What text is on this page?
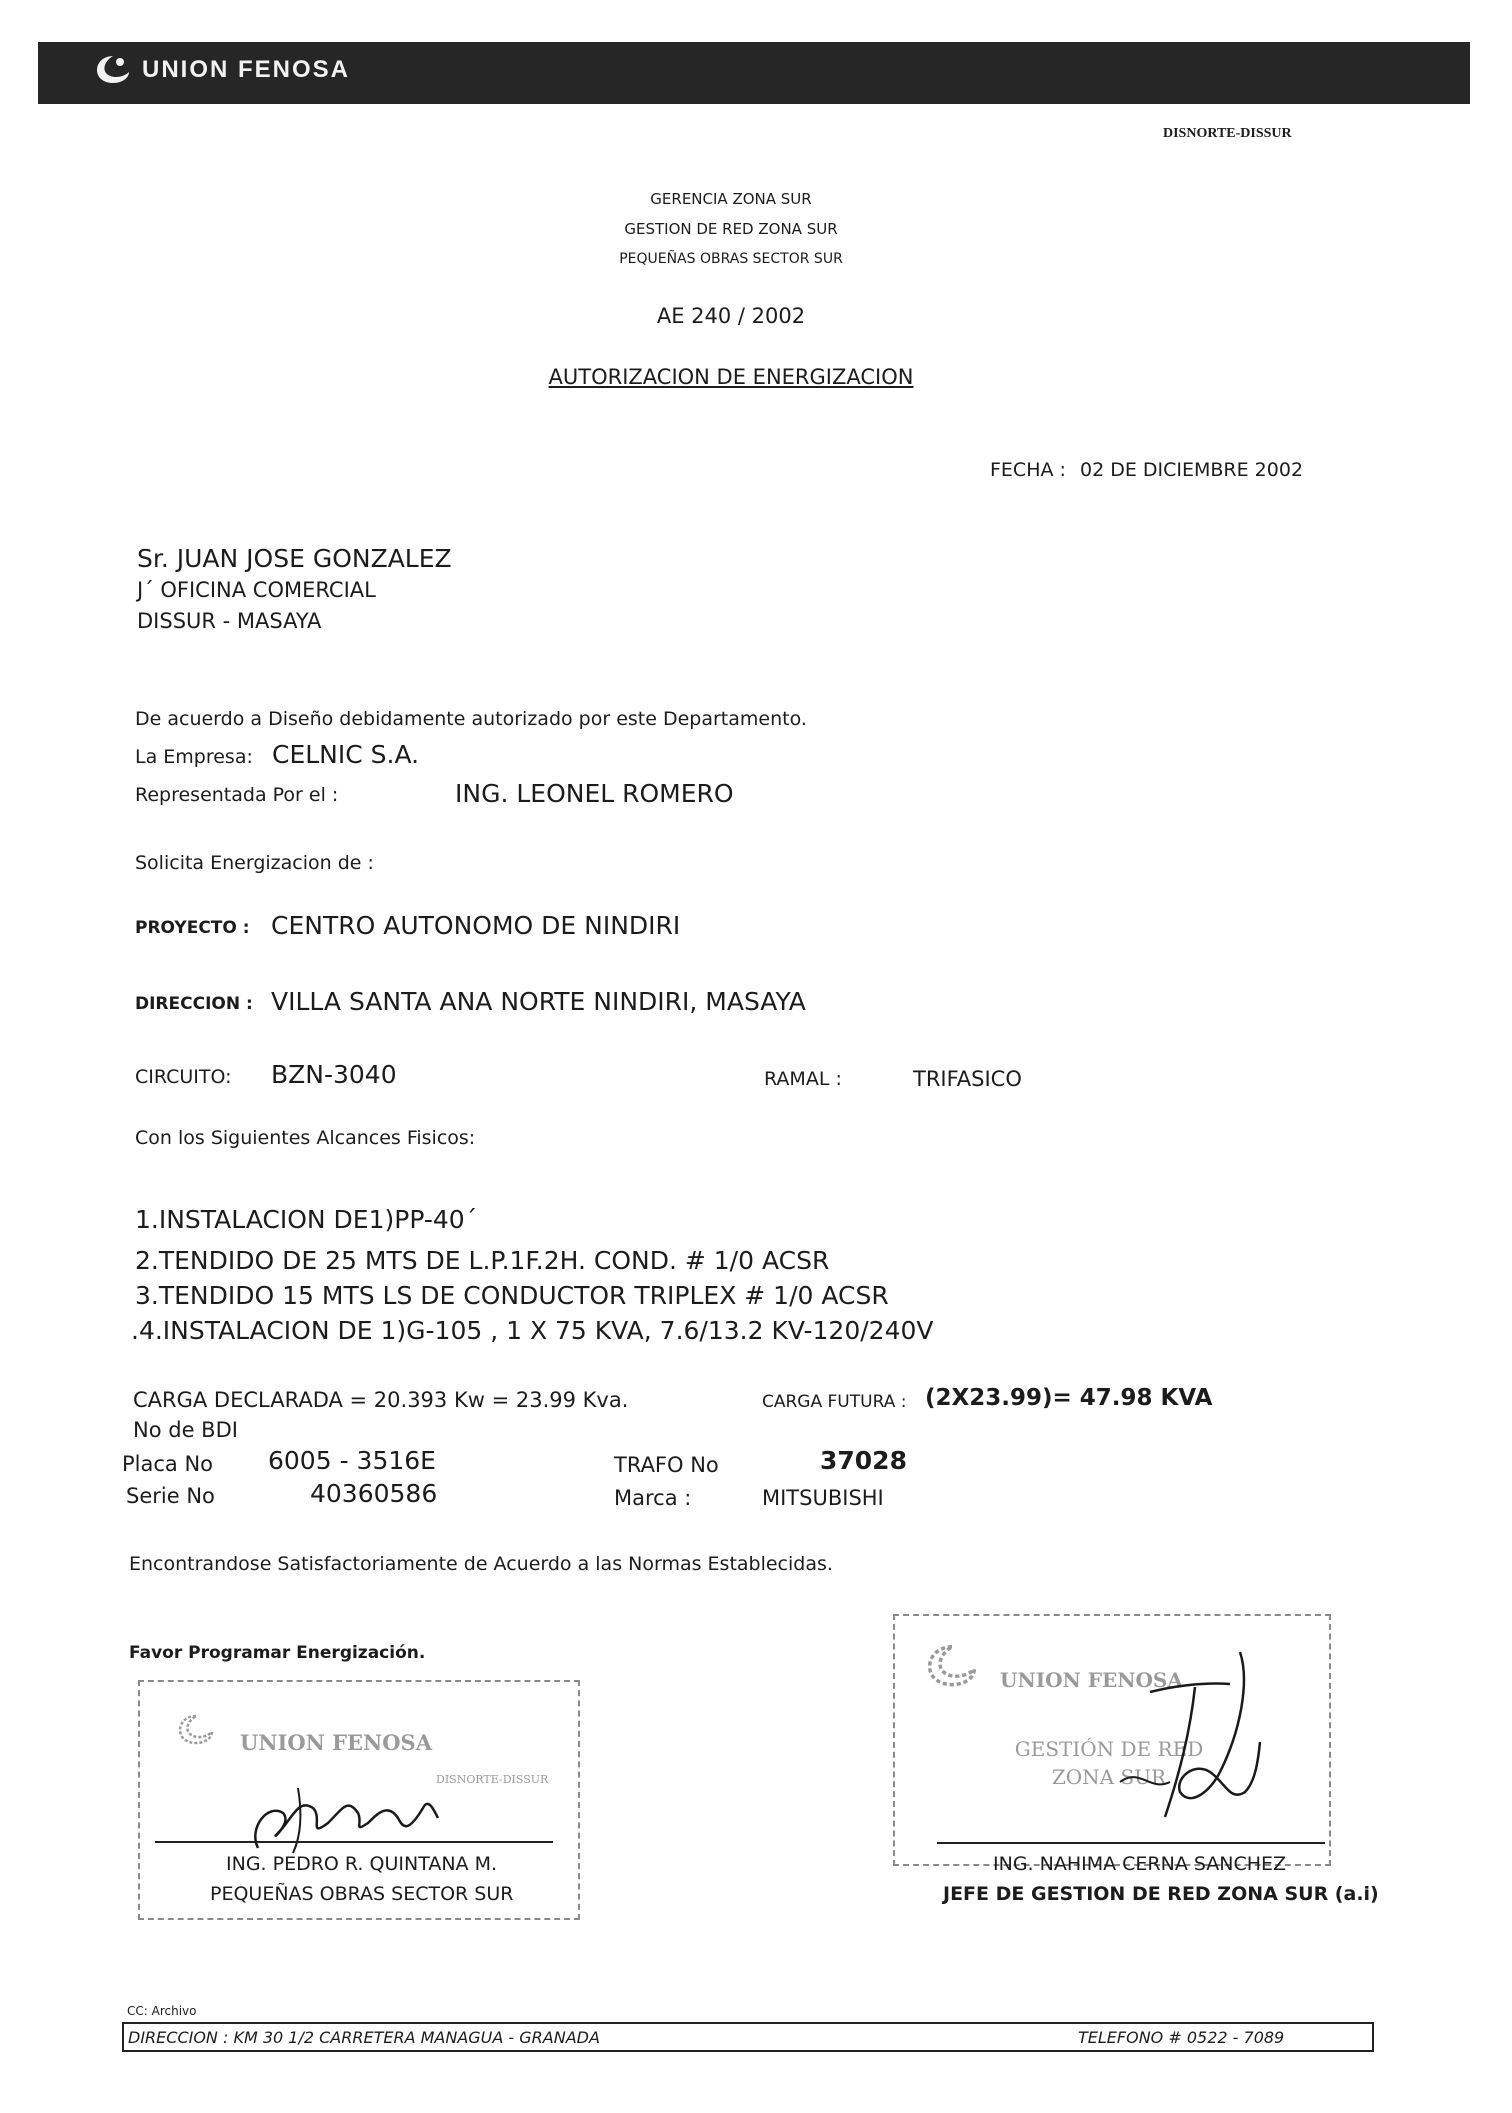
UNION FENOSA
DISNORTE-DISSUR
GERENCIA ZONA SUR
GESTION DE RED ZONA SUR
PEQUEÑAS OBRAS SECTOR SUR
AE 240 / 2002
AUTORIZACION DE ENERGIZACION
FECHA : 02 DE DICIEMBRE 2002
Sr. JUAN JOSE GONZALEZ
J´ OFICINA COMERCIAL
DISSUR - MASAYA
De acuerdo a Diseño debidamente autorizado por este Departamento.
La Empresa: CELNIC S.A.
Representada Por el :	ING. LEONEL ROMERO
Solicita Energizacion de :
PROYECTO : CENTRO AUTONOMO DE NINDIRI
DIRECCION : VILLA SANTA ANA NORTE NINDIRI, MASAYA
CIRCUITO: BZN-3040	RAMAL :	TRIFASICO
Con los Siguientes Alcances Fisicos:
1.INSTALACION DE1)PP-40´
2.TENDIDO DE 25 MTS DE L.P.1F.2H. COND. # 1/0 ACSR
3.TENDIDO 15 MTS LS DE CONDUCTOR TRIPLEX # 1/0 ACSR
.4.INSTALACION DE 1)G-105 , 1 X 75 KVA, 7.6/13.2 KV-120/240V
CARGA DECLARADA = 20.393 Kw = 23.99 Kva.	CARGA FUTURA : (2X23.99)= 47.98 KVA
No de BDI
Placa No 6005 - 3516E	TRAFO No	37028
Serie No	40360586	Marca :	MITSUBISHI
Encontrandose Satisfactoriamente de Acuerdo a las Normas Establecidas.
Favor Programar Energización.
UNION FENOSA
DISNORTE-DISSUR
ING. PEDRO R. QUINTANA M.
PEQUEÑAS OBRAS SECTOR SUR
UNION FENOSA
GESTIÓN DE RED ZONA SUR
ING. NAHIMA CERNA SANCHEZ
JEFE DE GESTION DE RED ZONA SUR (a.i)
CC: Archivo
DIRECCION : KM 30 1/2 CARRETERA MANAGUA - GRANADA	TELEFONO # 0522 - 7089
